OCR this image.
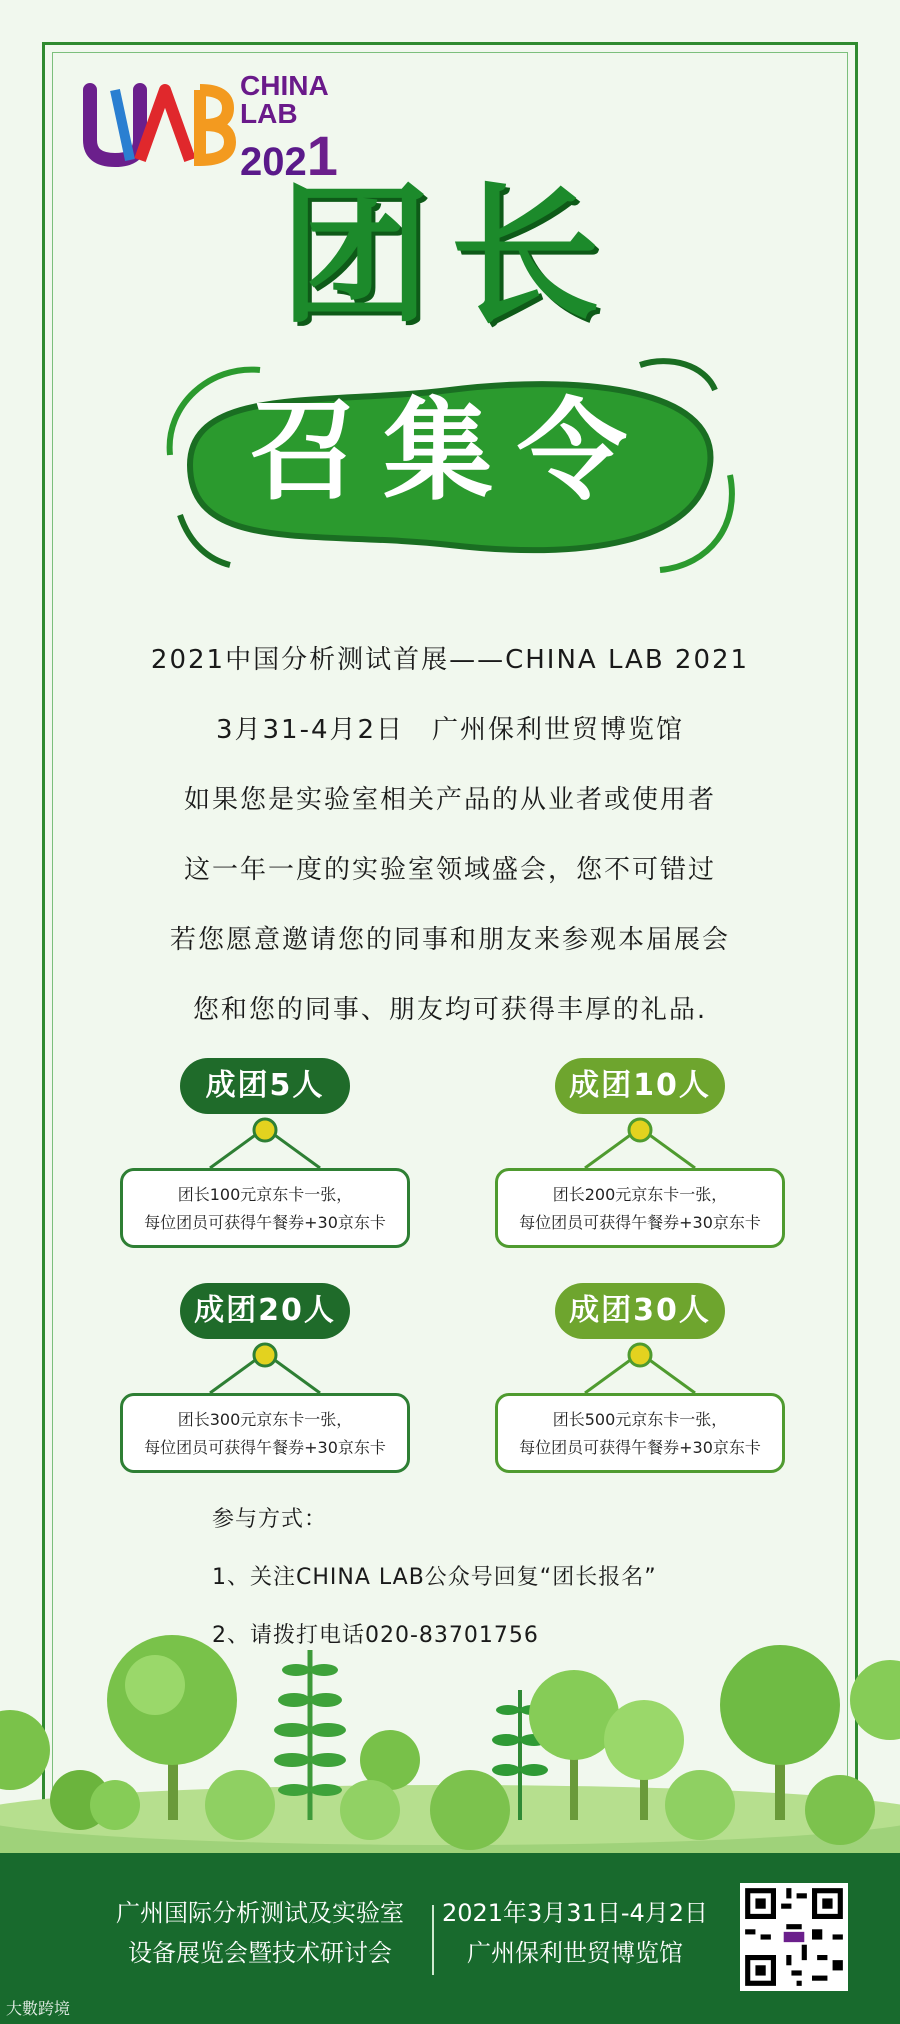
CHINA
LAB
2021
团长
召集令
2021中国分析测试首展——CHINA LAB 2021
3月31-4月2日　广州保利世贸博览馆
如果您是实验室相关产品的从业者或使用者
这一年一度的实验室领域盛会，您不可错过
若您愿意邀请您的同事和朋友来参观本届展会
您和您的同事、朋友均可获得丰厚的礼品.
成团5人
团长100元京东卡一张，
每位团员可获得午餐券+30京东卡
成团10人
团长200元京东卡一张，
每位团员可获得午餐券+30京东卡
成团20人
团长300元京东卡一张，
每位团员可获得午餐券+30京东卡
成团30人
团长500元京东卡一张，
每位团员可获得午餐券+30京东卡
参与方式：
1、关注CHINA LAB公众号回复“团长报名”
2、请拨打电话020-83701756
广州国际分析测试及实验室
设备展览会暨技术研讨会
2021年3月31日-4月2日
广州保利世贸博览馆
大數跨境
